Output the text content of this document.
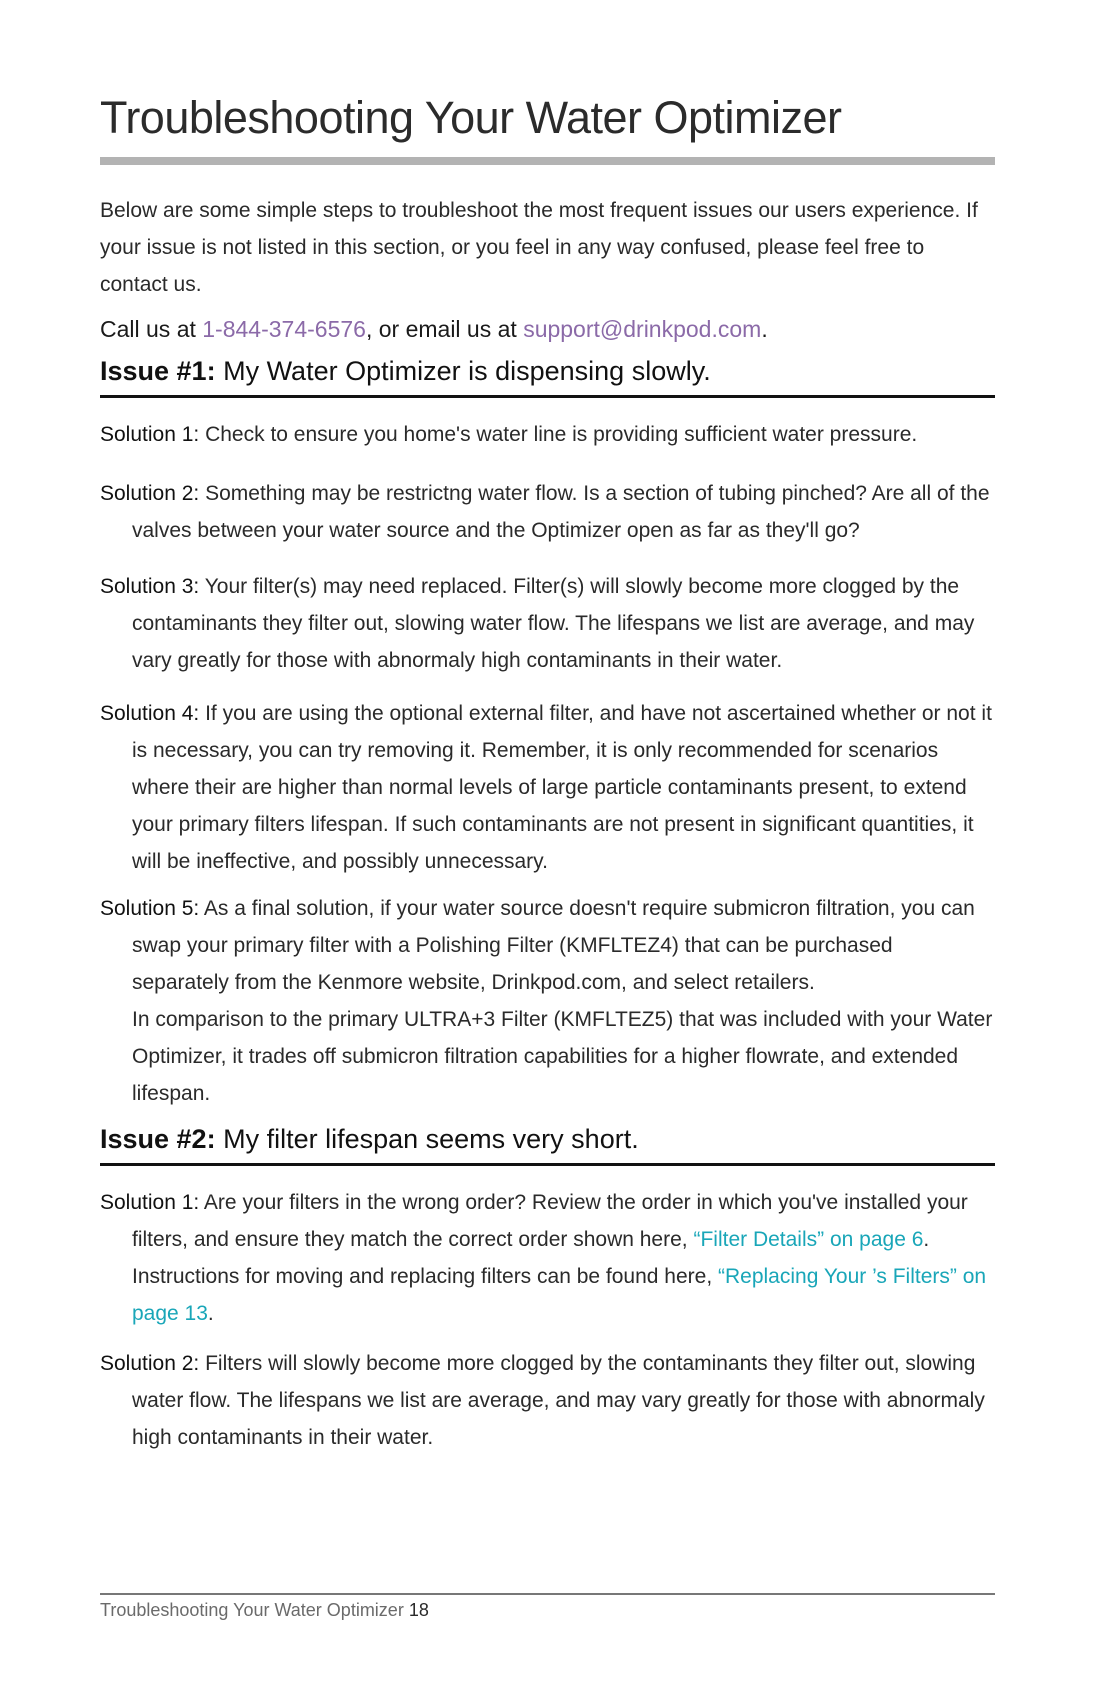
Troubleshooting Your Water Optimizer

Below are some simple steps to troubleshoot the most frequent issues our users experience. If your issue is not listed in this section, or you feel in any way confused, please feel free to contact us.

Call us at 1-844-374-6576, or email us at support@drinkpod.com.

Issue #1: My Water Optimizer is dispensing slowly.

Solution 1: Check to ensure you home's water line is providing sufficient water pressure.

Solution 2: Something may be restrictng water flow. Is a section of tubing pinched? Are all of the valves between your water source and the Optimizer open as far as they'll go?

Solution 3: Your filter(s) may need replaced. Filter(s) will slowly become more clogged by the contaminants they filter out, slowing water flow. The lifespans we list are average, and may vary greatly for those with abnormaly high contaminants in their water.

Solution 4: If you are using the optional external filter, and have not ascertained whether or not it is necessary, you can try removing it. Remember, it is only recommended for scenarios where their are higher than normal levels of large particle contaminants present, to extend your primary filters lifespan. If such contaminants are not present in significant quantities, it will be ineffective, and possibly unnecessary.

Solution 5: As a final solution, if your water source doesn't require submicron filtration, you can swap your primary filter with a Polishing Filter (KMFLTEZ4) that can be purchased separately from the Kenmore website, Drinkpod.com, and select retailers.
In comparison to the primary ULTRA+3 Filter (KMFLTEZ5) that was included with your Water Optimizer, it trades off submicron filtration capabilities for a higher flowrate, and extended lifespan.

Issue #2: My filter lifespan seems very short.

Solution 1: Are your filters in the wrong order? Review the order in which you've installed your filters, and ensure they match the correct order shown here, “Filter Details” on page 6. Instructions for moving and replacing filters can be found here, “Replacing Your ’s Filters” on page 13.

Solution 2: Filters will slowly become more clogged by the contaminants they filter out, slowing water flow. The lifespans we list are average, and may vary greatly for those with abnormaly high contaminants in their water.

Troubleshooting Your Water Optimizer 18
